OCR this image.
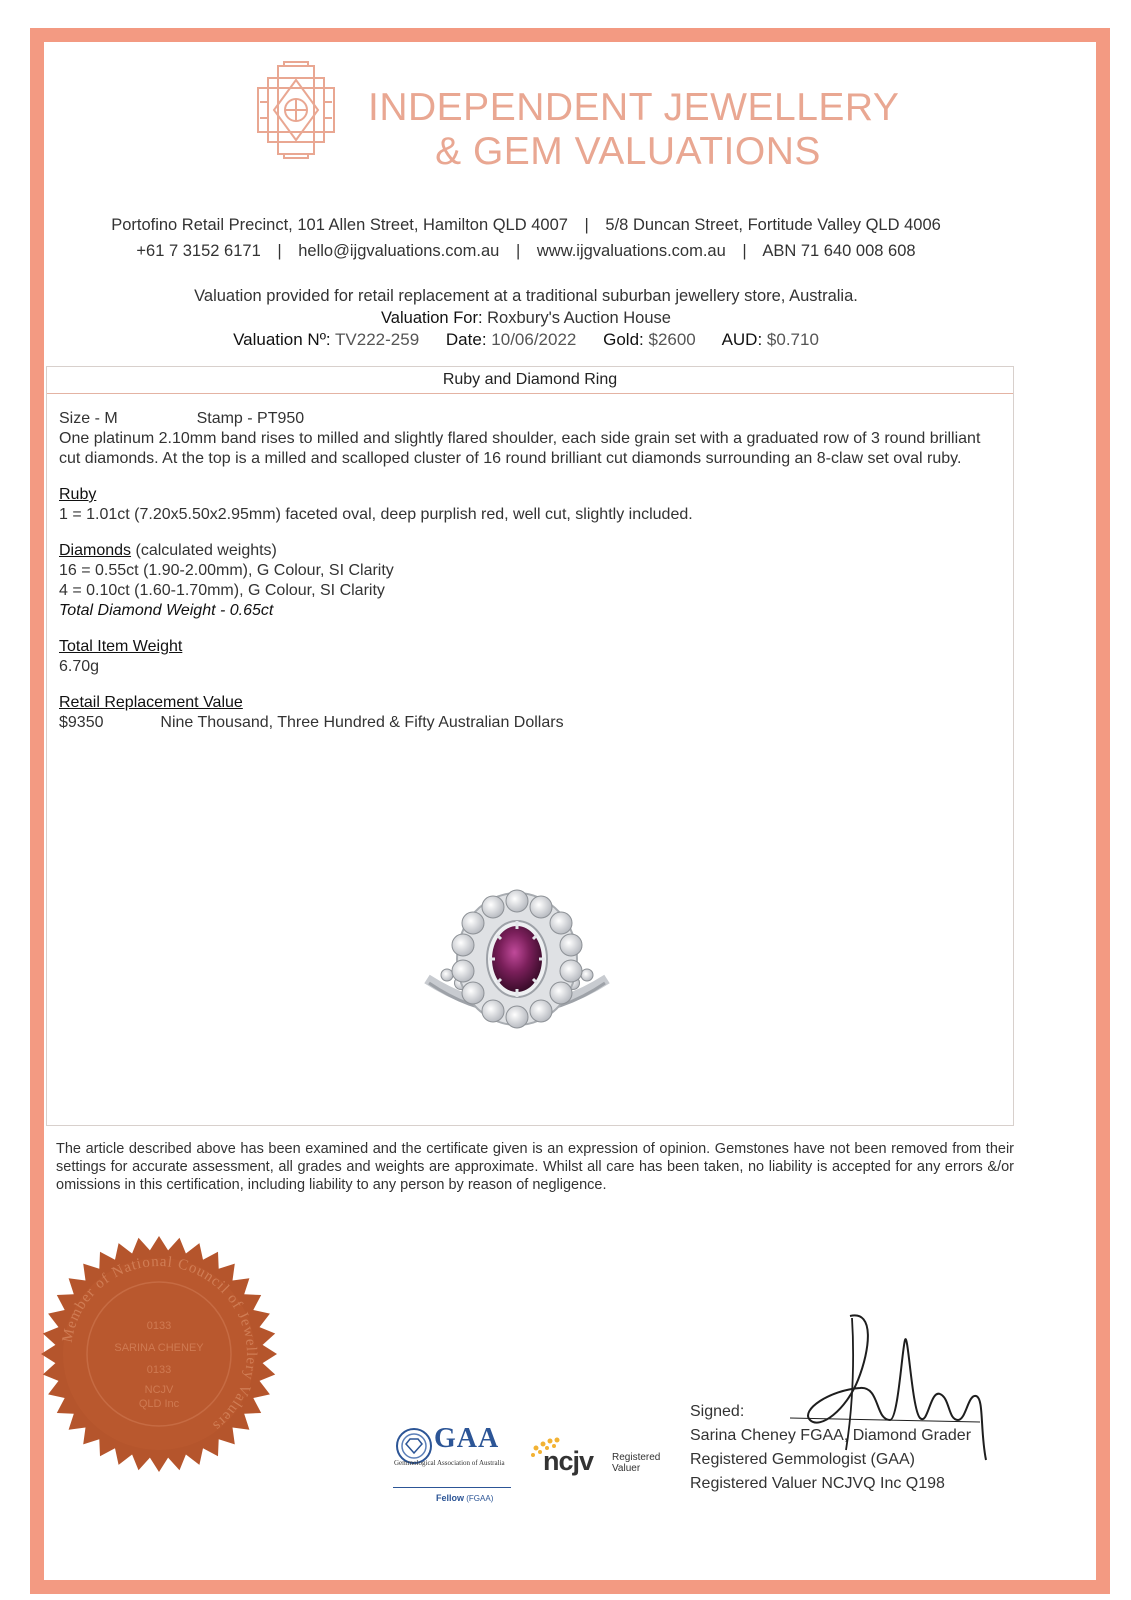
INDEPENDENT JEWELLERY
& GEM VALUATIONS
Portofino Retail Precinct, 101 Allen Street, Hamilton QLD 4007 | 5/8 Duncan Street, Fortitude Valley QLD 4006
+61 7 3152 6171 | hello@ijgvaluations.com.au | www.ijgvaluations.com.au | ABN 71 640 008 608
Valuation provided for retail replacement at a traditional suburban jewellery store, Australia.
Valuation For: Roxbury's Auction House
Valuation Nº: TV222-259 Date: 10/06/2022 Gold: $2600 AUD: $0.710
Ruby and Diamond Ring
Size - M	Stamp - PT950
One platinum 2.10mm band rises to milled and slightly flared shoulder, each side grain set with a graduated row of 3 round brilliant cut diamonds. At the top is a milled and scalloped cluster of 16 round brilliant cut diamonds surrounding an 8-claw set oval ruby.
Ruby
1 = 1.01ct (7.20x5.50x2.95mm) faceted oval, deep purplish red, well cut, slightly included.
Diamonds (calculated weights)
16 = 0.55ct (1.90-2.00mm), G Colour, SI Clarity
4 = 0.10ct (1.60-1.70mm), G Colour, SI Clarity
Total Diamond Weight - 0.65ct
Total Item Weight
6.70g
Retail Replacement Value
$9350	Nine Thousand, Three Hundred & Fifty Australian Dollars
The article described above has been examined and the certificate given is an expression of opinion. Gemstones have not been removed from their settings for accurate assessment, all grades and weights are approximate. Whilst all care has been taken, no liability is accepted for any errors &/or omissions in this certification, including liability to any person by reason of negligence.
Member of National Council of Jewellery Valuers
0133
SARINA CHENEY
0133
NCJV
QLD Inc
GAA
Gemmological Association of Australia
Fellow (FGAA)
ncjv Registered
Valuer
Signed:
Sarina Cheney FGAA, Diamond Grader
Registered Gemmologist (GAA)
Registered Valuer NCJVQ Inc Q198
